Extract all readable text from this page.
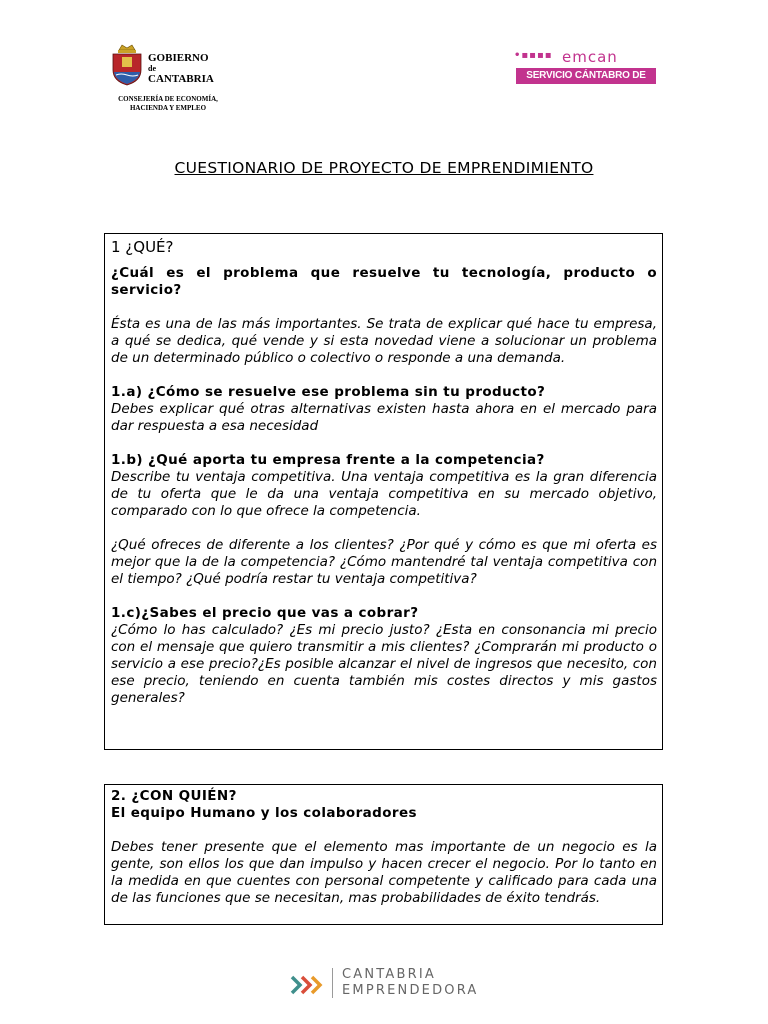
GOBIERNO
de
CANTABRIA
CONSEJERÍA DE ECONOMÍA,
HACIENDA Y EMPLEO
•▪▪▪▪ emcan
SERVICIO CÁNTABRO DE EMPLEO
CUESTIONARIO DE PROYECTO DE EMPRENDIMIENTO

1 ¿QUÉ?

¿Cuál es el problema que resuelve tu tecnología, producto o servicio?

Ésta es una de las más importantes. Se trata de explicar qué hace tu empresa, a qué se dedica, qué vende y si esta novedad viene a solucionar un problema de un determinado público o colectivo o responde a una demanda.

1.a) ¿Cómo se resuelve ese problema sin tu producto?

Debes explicar qué otras alternativas existen hasta ahora en el mercado para dar respuesta a esa necesidad

1.b) ¿Qué aporta tu empresa frente a la competencia?

Describe tu ventaja competitiva. Una ventaja competitiva es la gran diferencia de tu oferta que le da una ventaja competitiva en su mercado objetivo, comparado con lo que ofrece la competencia.

¿Qué ofreces de diferente a los clientes? ¿Por qué y cómo es que mi oferta es mejor que la de la competencia? ¿Cómo mantendré tal ventaja competitiva con el tiempo? ¿Qué podría restar tu ventaja competitiva?

1.c)¿Sabes el precio que vas a cobrar?

¿Cómo lo has calculado? ¿Es mi precio justo? ¿Esta en consonancia mi precio con el mensaje que quiero transmitir a mis clientes? ¿Comprarán mi producto o servicio a ese precio?¿Es posible alcanzar el nivel de ingresos que necesito, con ese precio, teniendo en cuenta también mis costes directos y mis gastos generales?

2. ¿CON QUIÉN?

El equipo Humano y los colaboradores

Debes tener presente que el elemento mas importante de un negocio es la gente, son ellos los que dan impulso y hacen crecer el negocio. Por lo tanto en la medida en que cuentes con personal competente y calificado para cada una de las funciones que se necesitan, mas probabilidades de éxito tendrás.

CANTABRIA
EMPRENDEDORA
